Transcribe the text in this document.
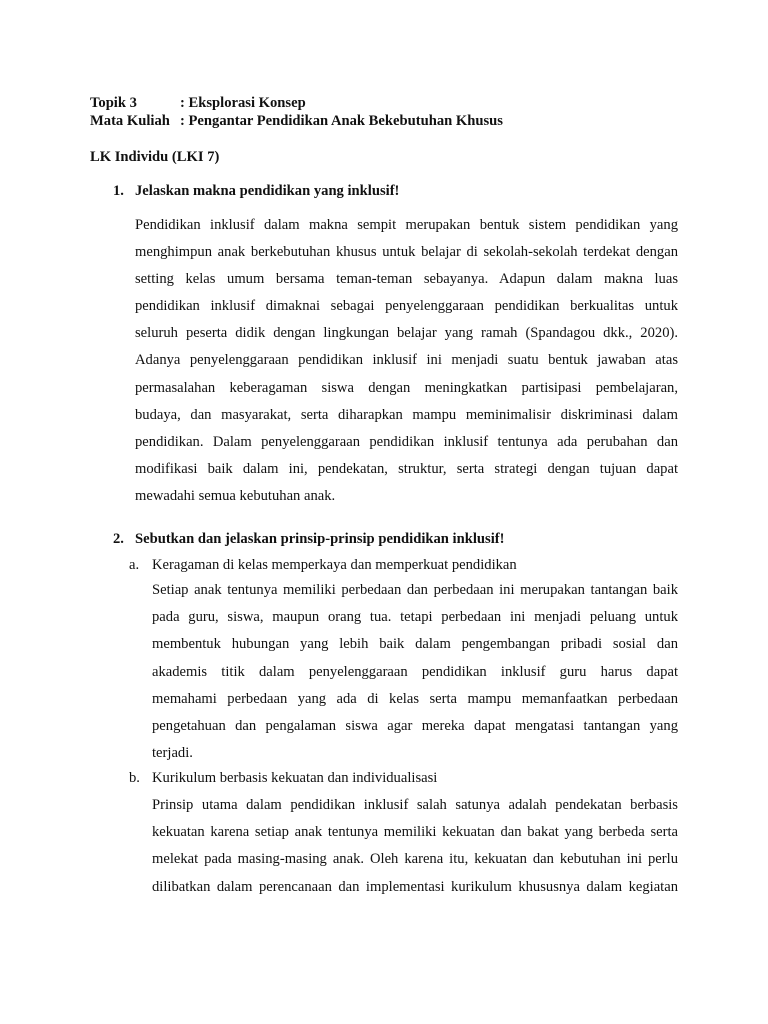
Topik 3	: Eksplorasi Konsep
Mata Kuliah : Pengantar Pendidikan Anak Bekebutuhan Khusus
LK Individu (LKI 7)
1. Jelaskan makna pendidikan yang inklusif!
Pendidikan inklusif dalam makna sempit merupakan bentuk sistem pendidikan yang
menghimpun anak berkebutuhan khusus untuk belajar di sekolah-sekolah terdekat dengan
setting kelas umum bersama teman-teman sebayanya. Adapun dalam makna luas
pendidikan inklusif dimaknai sebagai penyelenggaraan pendidikan berkualitas untuk
seluruh peserta didik dengan lingkungan belajar yang ramah (Spandagou dkk., 2020).
Adanya penyelenggaraan pendidikan inklusif ini menjadi suatu bentuk jawaban atas
permasalahan keberagaman siswa dengan meningkatkan partisipasi pembelajaran,
budaya, dan masyarakat, serta diharapkan mampu meminimalisir diskriminasi dalam
pendidikan. Dalam penyelenggaraan pendidikan inklusif tentunya ada perubahan dan
modifikasi baik dalam ini, pendekatan, struktur, serta strategi dengan tujuan dapat
mewadahi semua kebutuhan anak.
2. Sebutkan dan jelaskan prinsip-prinsip pendidikan inklusif!
a. Keragaman di kelas memperkaya dan memperkuat pendidikan
Setiap anak tentunya memiliki perbedaan dan perbedaan ini merupakan tantangan baik
pada guru, siswa, maupun orang tua. tetapi perbedaan ini menjadi peluang untuk
membentuk hubungan yang lebih baik dalam pengembangan pribadi sosial dan
akademis titik dalam penyelenggaraan pendidikan inklusif guru harus dapat
memahami perbedaan yang ada di kelas serta mampu memanfaatkan perbedaan
pengetahuan dan pengalaman siswa agar mereka dapat mengatasi tantangan yang
terjadi.
b. Kurikulum berbasis kekuatan dan individualisasi
Prinsip utama dalam pendidikan inklusif salah satunya adalah pendekatan berbasis
kekuatan karena setiap anak tentunya memiliki kekuatan dan bakat yang berbeda serta
melekat pada masing-masing anak. Oleh karena itu, kekuatan dan kebutuhan ini perlu
dilibatkan dalam perencanaan dan implementasi kurikulum khususnya dalam kegiatan
